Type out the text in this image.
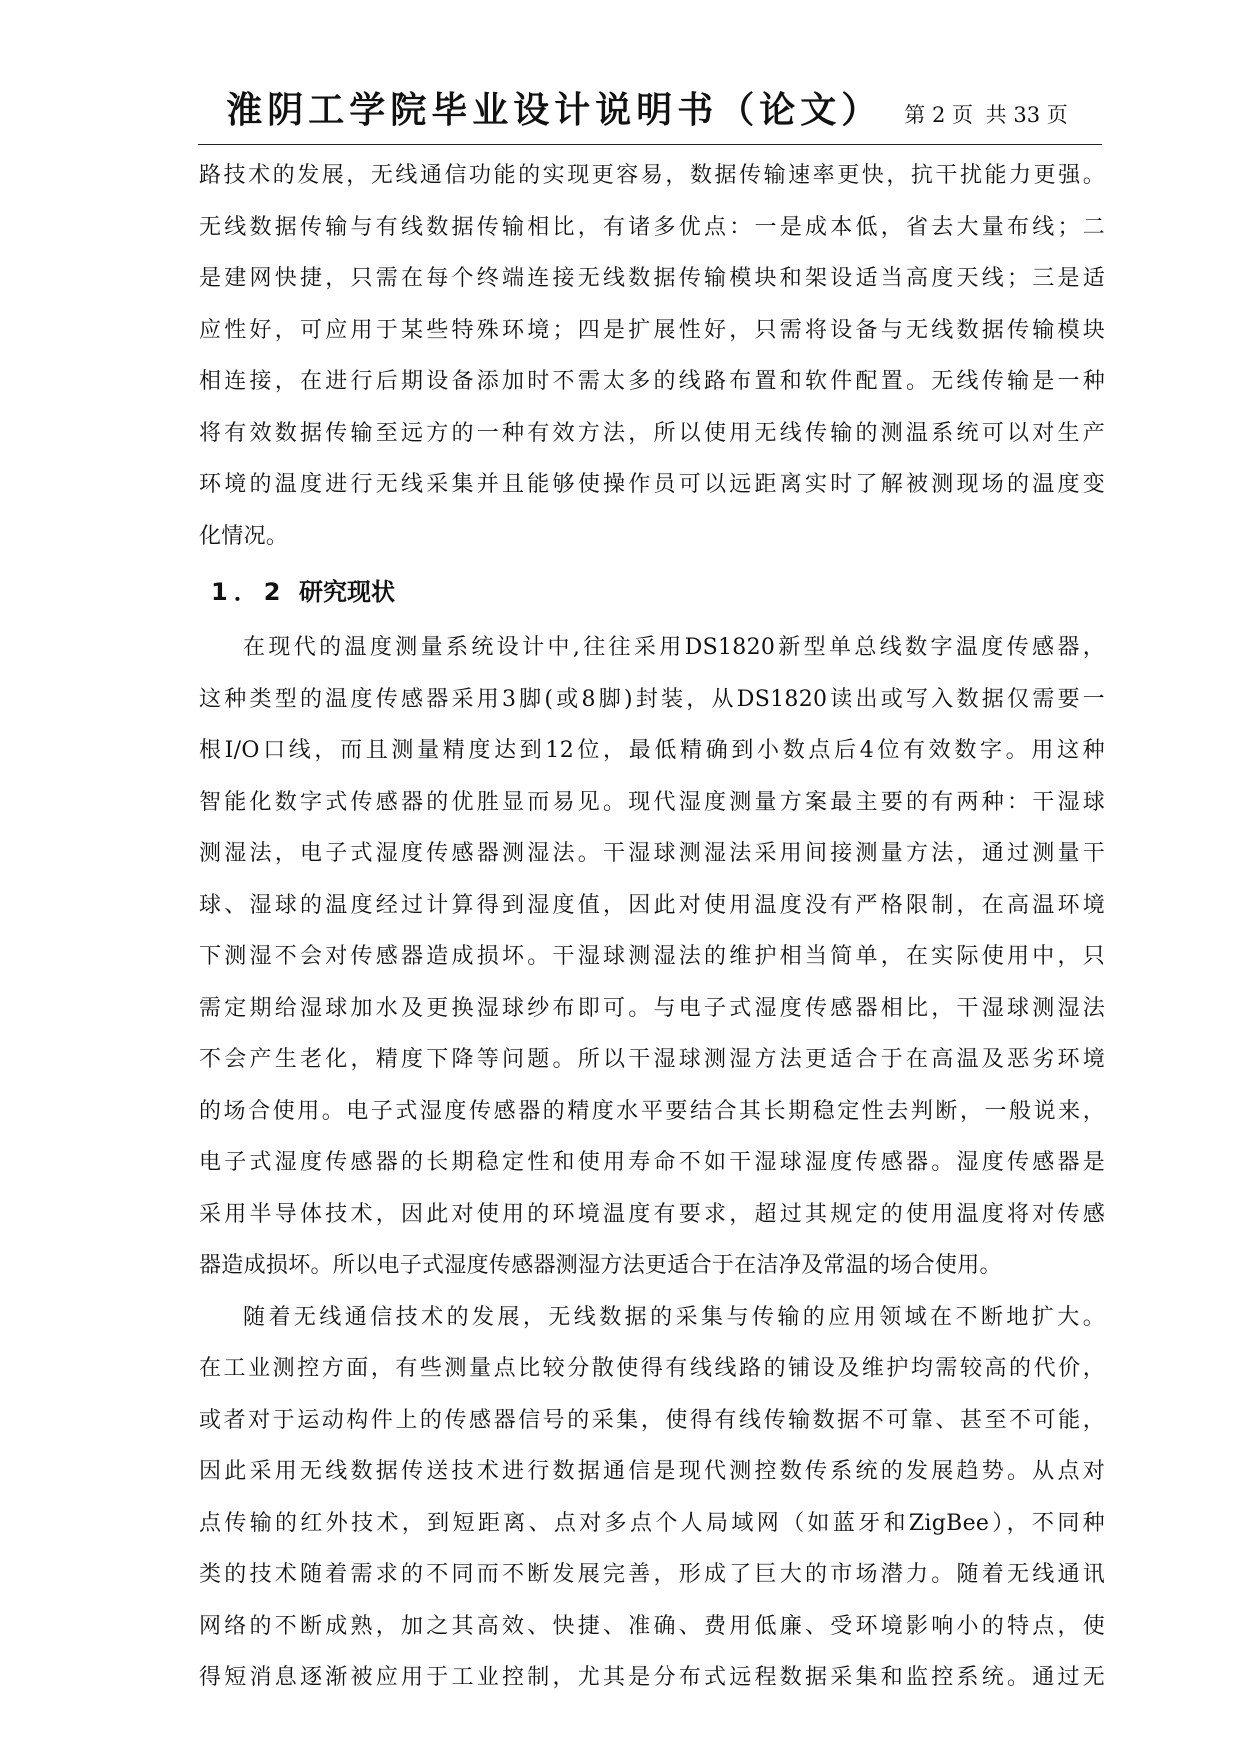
淮阴工学院毕业设计说明书（论文） 第 2 页 共 33 页
路技术的发展，无线通信功能的实现更容易，数据传输速率更快，抗干扰能力更强。
无线数据传输与有线数据传输相比，有诸多优点：一是成本低，省去大量布线；二
是建网快捷，只需在每个终端连接无线数据传输模块和架设适当高度天线；三是适
应性好，可应用于某些特殊环境；四是扩展性好，只需将设备与无线数据传输模块
相连接，在进行后期设备添加时不需太多的线路布置和软件配置。无线传输是一种
将有效数据传输至远方的一种有效方法，所以使用无线传输的测温系统可以对生产
环境的温度进行无线采集并且能够使操作员可以远距离实时了解被测现场的温度变
化情况。
1．2 研究现状
在现代的温度测量系统设计中,往往采用DS1820新型单总线数字温度传感器，
这种类型的温度传感器采用3脚(或8脚)封装，从DS1820读出或写入数据仅需要一
根I/O口线，而且测量精度达到12位，最低精确到小数点后4位有效数字。用这种
智能化数字式传感器的优胜显而易见。现代湿度测量方案最主要的有两种：干湿球
测湿法，电子式湿度传感器测湿法。干湿球测湿法采用间接测量方法，通过测量干
球、湿球的温度经过计算得到湿度值，因此对使用温度没有严格限制，在高温环境
下测湿不会对传感器造成损坏。干湿球测湿法的维护相当简单，在实际使用中，只
需定期给湿球加水及更换湿球纱布即可。与电子式湿度传感器相比，干湿球测湿法
不会产生老化，精度下降等问题。所以干湿球测湿方法更适合于在高温及恶劣环境
的场合使用。电子式湿度传感器的精度水平要结合其长期稳定性去判断，一般说来，
电子式湿度传感器的长期稳定性和使用寿命不如干湿球湿度传感器。湿度传感器是
采用半导体技术，因此对使用的环境温度有要求，超过其规定的使用温度将对传感
器造成损坏。所以电子式湿度传感器测湿方法更适合于在洁净及常温的场合使用。
随着无线通信技术的发展，无线数据的采集与传输的应用领域在不断地扩大。
在工业测控方面，有些测量点比较分散使得有线线路的铺设及维护均需较高的代价，
或者对于运动构件上的传感器信号的采集，使得有线传输数据不可靠、甚至不可能，
因此采用无线数据传送技术进行数据通信是现代测控数传系统的发展趋势。从点对
点传输的红外技术，到短距离、点对多点个人局域网（如蓝牙和ZigBee），不同种
类的技术随着需求的不同而不断发展完善，形成了巨大的市场潜力。随着无线通讯
网络的不断成熟，加之其高效、快捷、准确、费用低廉、受环境影响小的特点，使
得短消息逐渐被应用于工业控制，尤其是分布式远程数据采集和监控系统。通过无
